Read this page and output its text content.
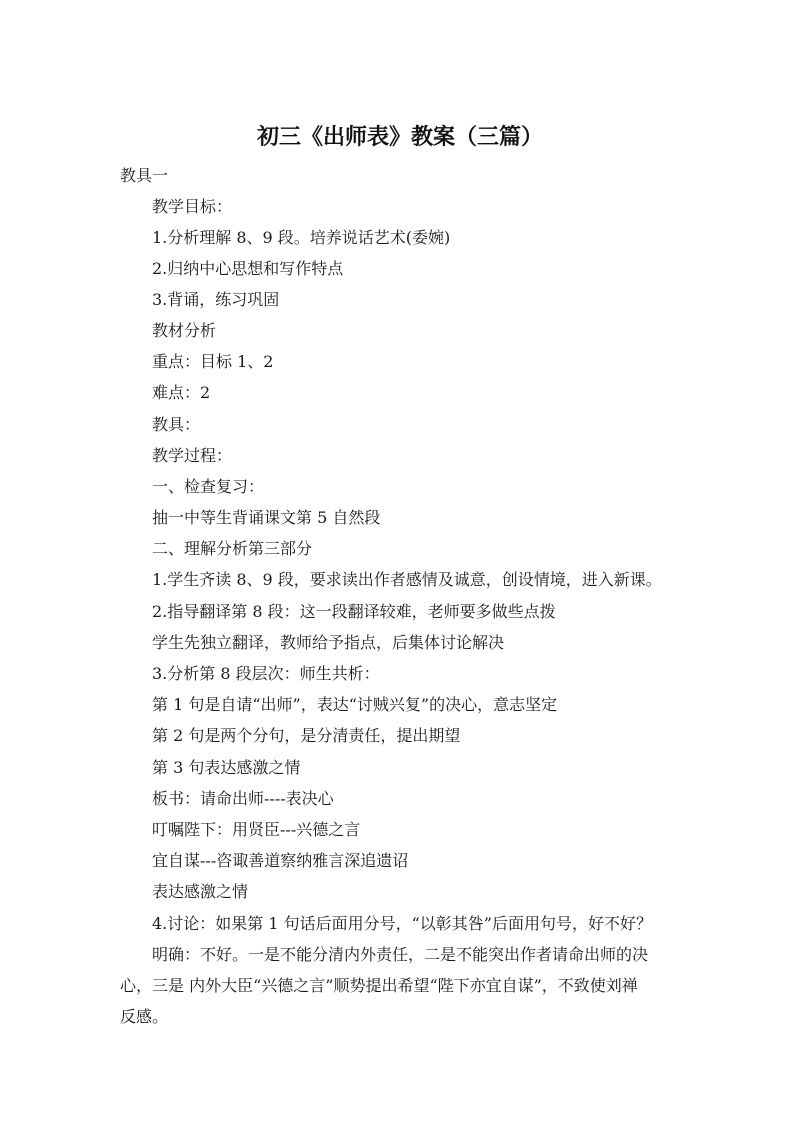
初三《出师表》教案（三篇）
教具一
教学目标：
1.分析理解 8、9 段。培养说话艺术(委婉)
2.归纳中心思想和写作特点
3.背诵，练习巩固
教材分析
重点：目标 1、2
难点：2
教具：
教学过程：
一、检查复习：
抽一中等生背诵课文第 5 自然段
二、理解分析第三部分
1.学生齐读 8、9 段，要求读出作者感情及诚意，创设情境，进入新课。
2.指导翻译第 8 段：这一段翻译较难，老师要多做些点拨
学生先独立翻译，教师给予指点，后集体讨论解决
3.分析第 8 段层次：师生共析：
第 1 句是自请“出师”，表达“讨贼兴复”的决心，意志坚定
第 2 句是两个分句，是分清责任，提出期望
第 3 句表达感激之情
板书：请命出师----表决心
叮嘱陛下：用贤臣---兴德之言
宜自谋---咨诹善道察纳雅言深追遗诏
表达感激之情
4.讨论：如果第 1 句话后面用分号，“以彰其咎”后面用句号，好不好？
明确：不好。一是不能分清内外责任，二是不能突出作者请命出师的决
心，三是 内外大臣“兴德之言”顺势提出希望“陛下亦宜自谋”，不致使刘禅
反感。
